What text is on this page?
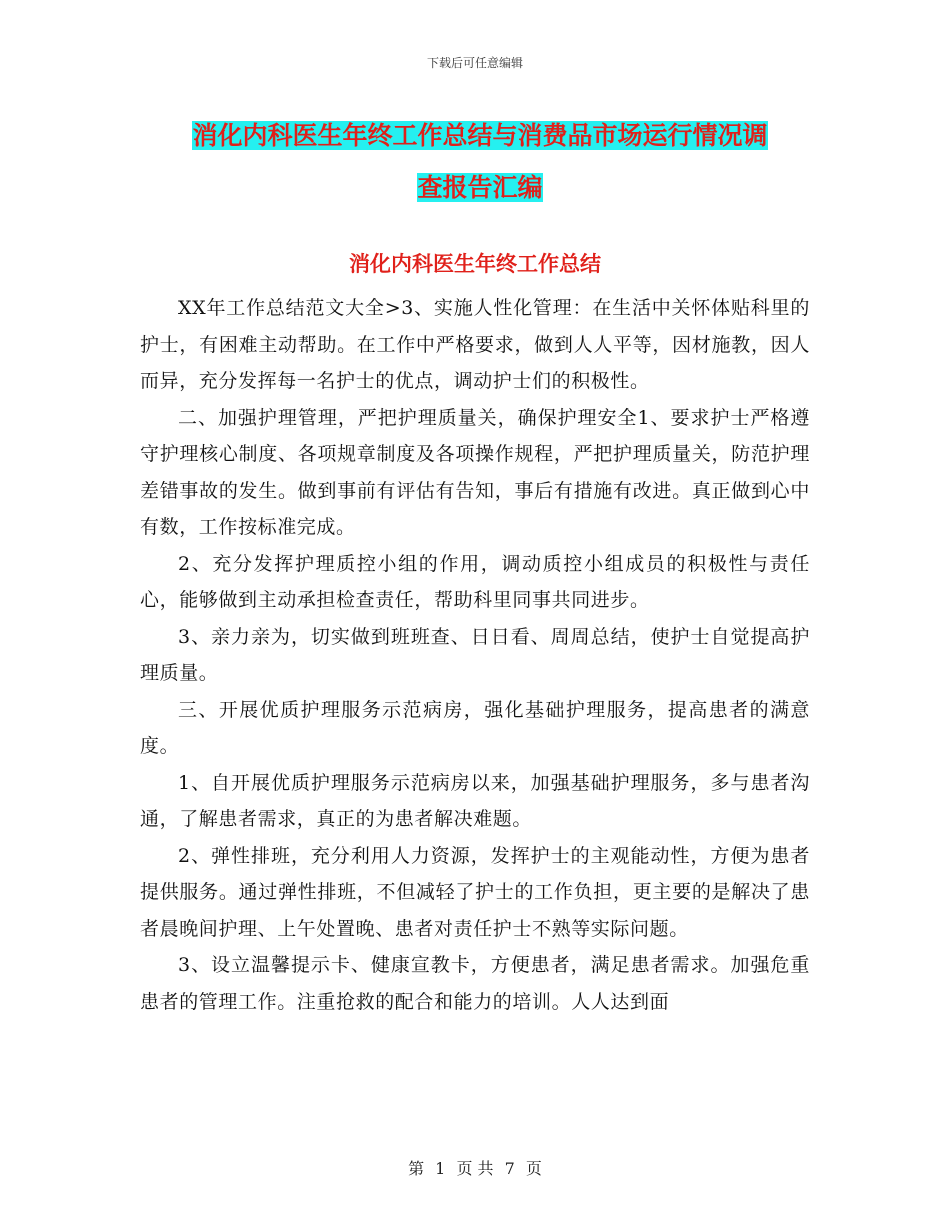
下载后可任意编辑
消化内科医生年终工作总结与消费品市场运行情况调
查报告汇编
消化内科医生年终工作总结

XX年工作总结范文大全>3、实施人性化管理：在生活中关怀体贴科里的护士，有困难主动帮助。在工作中严格要求，做到人人平等，因材施教，因人而异，充分发挥每一名护士的优点，调动护士们的积极性。

二、加强护理管理，严把护理质量关，确保护理安全1、要求护士严格遵守护理核心制度、各项规章制度及各项操作规程，严把护理质量关，防范护理差错事故的发生。做到事前有评估有告知，事后有措施有改进。真正做到心中有数，工作按标准完成。

2、充分发挥护理质控小组的作用，调动质控小组成员的积极性与责任心，能够做到主动承担检查责任，帮助科里同事共同进步。

3、亲力亲为，切实做到班班查、日日看、周周总结，使护士自觉提高护理质量。

三、开展优质护理服务示范病房，强化基础护理服务，提高患者的满意度。

1、自开展优质护理服务示范病房以来，加强基础护理服务，多与患者沟通，了解患者需求，真正的为患者解决难题。

2、弹性排班，充分利用人力资源，发挥护士的主观能动性，方便为患者提供服务。通过弹性排班，不但减轻了护士的工作负担，更主要的是解决了患者晨晚间护理、上午处置晚、患者对责任护士不熟等实际问题。

3、设立温馨提示卡、健康宣教卡，方便患者，满足患者需求。加强危重患者的管理工作。注重抢救的配合和能力的培训。人人达到面

第 1 页 共 7 页
